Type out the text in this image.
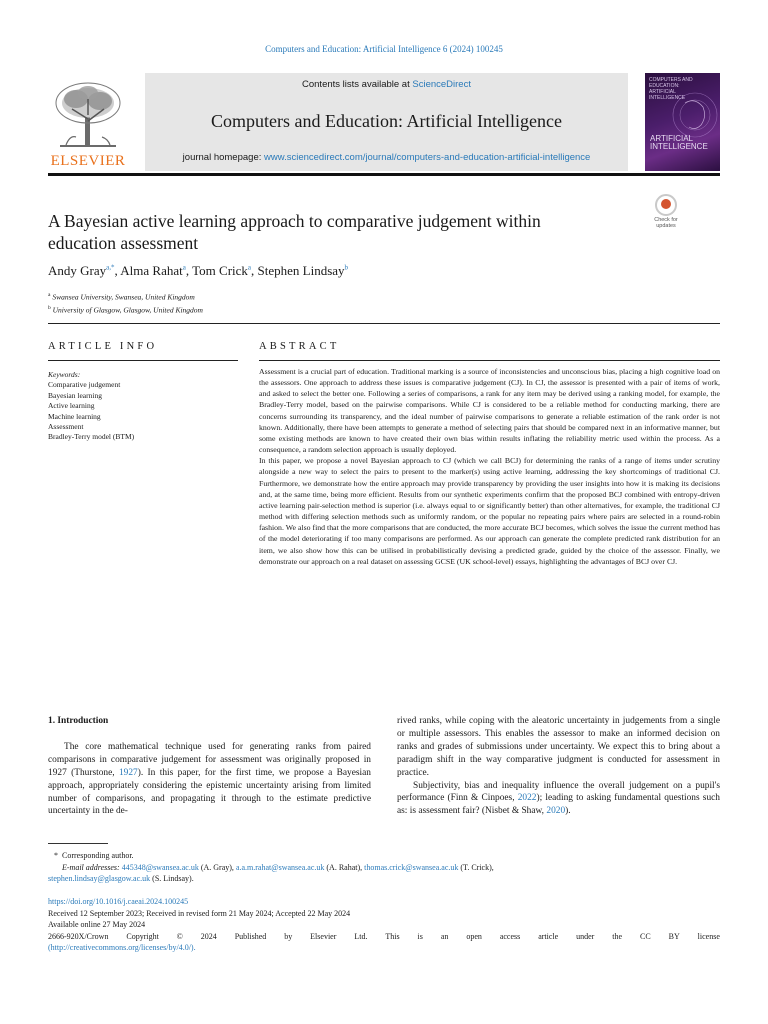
Computers and Education: Artificial Intelligence 6 (2024) 100245
ELSEVIER
Contents lists available at ScienceDirect
Computers and Education: Artificial Intelligence
journal homepage: www.sciencedirect.com/journal/computers-and-education-artificial-intelligence
COMPUTERS AND
EDUCATION:
ARTIFICIAL
INTELLIGENCE
ARTIFICIAL
INTELLIGENCE
A Bayesian active learning approach to comparative judgement within education assessment
Check for
updates
Andy Gray$^{a,*}$, Alma Rahat$^a$, Tom Crick$^a$, Stephen Lindsay$^b$
$^a$ Swansea University, Swansea, United Kingdom
$^b$ University of Glasgow, Glasgow, United Kingdom
ARTICLE INFO	ABSTRACT
Keywords:
Comparative judgement
Bayesian learning
Active learning
Machine learning
Assessment
Bradley-Terry model (BTM)

Assessment is a crucial part of education. Traditional marking is a source of inconsistencies and unconscious bias, placing a high cognitive load on the assessors. One approach to address these issues is comparative judgement (CJ). In CJ, the assessor is presented with a pair of items of work, and asked to select the better one. Following a series of comparisons, a rank for any item may be derived using a ranking model, for example, the Bradley-Terry model, based on the pairwise comparisons. While CJ is considered to be a reliable method for conducting marking, there are concerns surrounding its transparency, and the ideal number of pairwise comparisons to generate a reliable estimation of the rank order is not known. Additionally, there have been attempts to generate a method of selecting pairs that should be compared next in an informative manner, but some existing methods are known to have created their own bias within results inflating the reliability metric used within the process. As a consequence, a random selection approach is usually deployed.

In this paper, we propose a novel Bayesian approach to CJ (which we call BCJ) for determining the ranks of a range of items under scrutiny alongside a new way to select the pairs to present to the marker(s) using active learning, addressing the key shortcomings of traditional CJ. Furthermore, we demonstrate how the entire approach may provide transparency by providing the user insights into how it is making its decisions and, at the same time, being more efficient. Results from our synthetic experiments confirm that the proposed BCJ combined with entropy-driven active learning pair-selection method is superior (i.e. always equal to or significantly better) than other alternatives, for example, the traditional CJ method with differing selection methods such as uniformly random, or the popular no repeating pairs where pairs are selected in a round-robin fashion. We also find that the more comparisons that are conducted, the more accurate BCJ becomes, which solves the issue the current method has of the model deteriorating if too many comparisons are performed. As our approach can generate the complete predicted rank distribution for an item, we also show how this can be utilised in probabilistically devising a predicted grade, guided by the choice of the assessor. Finally, we demonstrate our approach on a real dataset on assessing GCSE (UK school-level) essays, highlighting the advantages of BCJ over CJ.

1. Introduction

The core mathematical technique used for generating ranks from paired comparisons in comparative judgement for assessment was originally proposed in 1927 (Thurstone, 1927). In this paper, for the first time, we propose a Bayesian approach, appropriately considering the epistemic uncertainty arising from limited number of comparisons, and propagating it through to the estimate predictive uncertainty in the de-

rived ranks, while coping with the aleatoric uncertainty in judgements from a single or multiple assessors. This enables the assessor to make an informed decision on ranks and grades of submissions under uncertainty. We expect this to bring about a paradigm shift in the way comparative judgment is conducted for assessment in practice.

Subjectivity, bias and inequality influence the overall judgement on a pupil's performance (Finn & Cinpoes, 2022); leading to asking fundamental questions such as: is assessment fair? (Nisbet & Shaw, 2020).

*  Corresponding author.
E-mail addresses: 445348@swansea.ac.uk (A. Gray), a.a.m.rahat@swansea.ac.uk (A. Rahat), thomas.crick@swansea.ac.uk (T. Crick),
stephen.lindsay@glasgow.ac.uk (S. Lindsay).
https://doi.org/10.1016/j.caeai.2024.100245
Received 12 September 2023; Received in revised form 21 May 2024; Accepted 22 May 2024
Available online 27 May 2024
2666-920X/Crown Copyright © 2024 Published by Elsevier Ltd. This is an open access article under the CC BY license
(http://creativecommons.org/licenses/by/4.0/).
